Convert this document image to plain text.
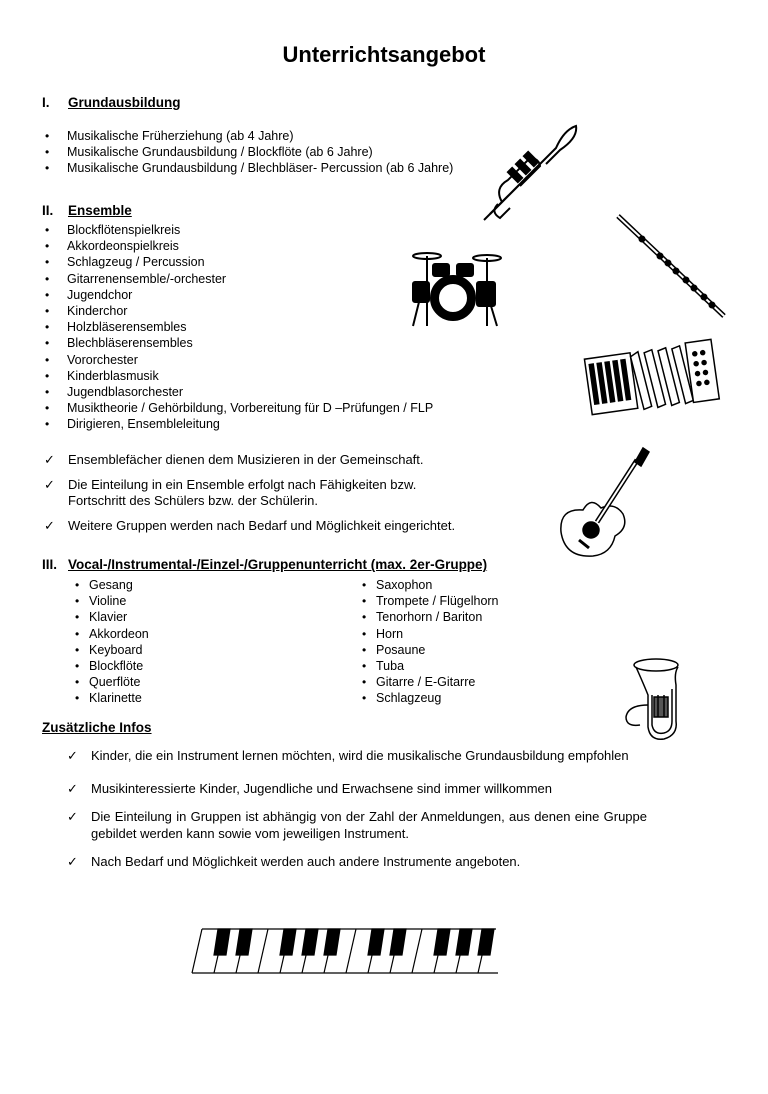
Unterrichtsangebot
I. Grundausbildung
• Musikalische Früherziehung (ab 4 Jahre)
• Musikalische Grundausbildung / Blockflöte (ab 6 Jahre)
• Musikalische Grundausbildung / Blechbläser- Percussion (ab 6 Jahre)
II. Ensemble
• Blockflötenspielkreis
• Akkordeonspielkreis
• Schlagzeug / Percussion
• Gitarrenensemble/-orchester
• Jugendchor
• Kinderchor
• Holzbläserensembles
• Blechbläserensembles
• Vororchester
• Kinderblasmusik
• Jugendblasorchester
• Musiktheorie / Gehörbildung, Vorbereitung für D –Prüfungen / FLP
• Dirigieren, Ensembleleitung
✓ Ensemblefächer dienen dem Musizieren in der Gemeinschaft.
✓ Die Einteilung in ein Ensemble erfolgt nach Fähigkeiten bzw. Fortschritt des Schülers bzw. der Schülerin.
✓ Weitere Gruppen werden nach Bedarf und Möglichkeit eingerichtet.
III. Vocal-/Instrumental-/Einzel-/Gruppenunterricht (max. 2er-Gruppe)
• Gesang
• Violine
• Klavier
• Akkordeon
• Keyboard
• Blockflöte
• Querflöte
• Klarinette
• Saxophon
• Trompete / Flügelhorn
• Tenorhorn / Bariton
• Horn
• Posaune
• Tuba
• Gitarre / E-Gitarre
• Schlagzeug
Zusätzliche Infos
✓ Kinder, die ein Instrument lernen möchten, wird die musikalische Grundausbildung empfohlen
✓ Musikinteressierte Kinder, Jugendliche und Erwachsene sind immer willkommen
✓ Die Einteilung in Gruppen ist abhängig von der Zahl der Anmeldungen, aus denen eine Gruppe gebildet werden kann sowie vom jeweiligen Instrument.
✓ Nach Bedarf und Möglichkeit werden auch andere Instrumente angeboten.
